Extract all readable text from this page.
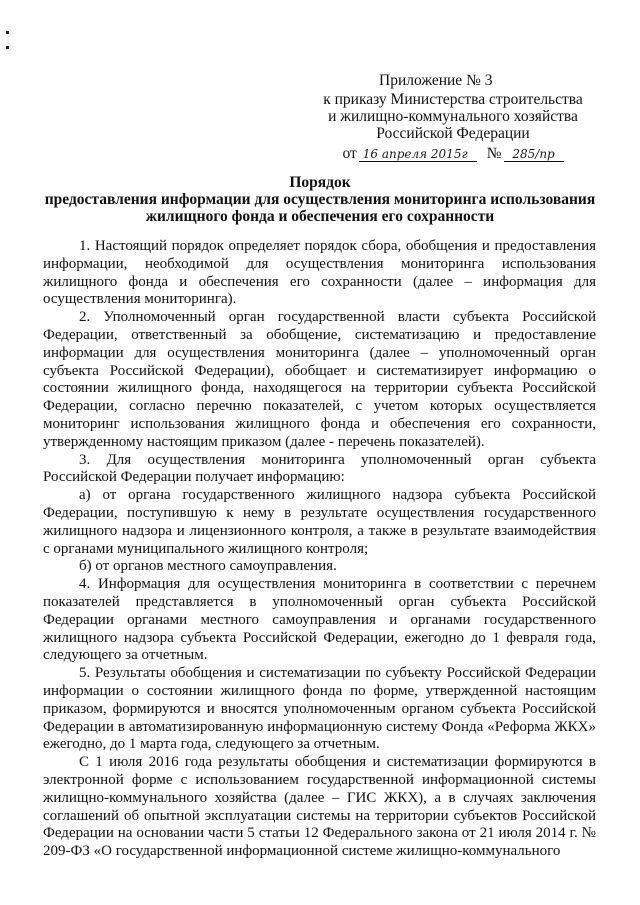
Приложение № 3
к приказу Министерства строительства
и жилищно-коммунального хозяйства
Российской Федерации
от 16 апреля 2015г	№ 285/пр
Порядок
предоставления информации для осуществления мониторинга использования
жилищного фонда и обеспечения его сохранности

1. Настоящий порядок определяет порядок сбора, обобщения и предоставления информации, необходимой для осуществления мониторинга использования жилищного фонда и обеспечения его сохранности (далее – информация для осуществления мониторинга).

2. Уполномоченный орган государственной власти субъекта Российской Федерации, ответственный за обобщение, систематизацию и предоставление информации для осуществления мониторинга (далее – уполномоченный орган субъекта Российской Федерации), обобщает и систематизирует информацию о состоянии жилищного фонда, находящегося на территории субъекта Российской Федерации, согласно перечню показателей, с учетом которых осуществляется мониторинг использования жилищного фонда и обеспечения его сохранности, утвержденному настоящим приказом (далее - перечень показателей).

3. Для осуществления мониторинга уполномоченный орган субъекта Российской Федерации получает информацию:

а) от органа государственного жилищного надзора субъекта Российской Федерации, поступившую к нему в результате осуществления государственного жилищного надзора и лицензионного контроля, а также в результате взаимодействия с органами муниципального жилищного контроля;

б) от органов местного самоуправления.

4. Информация для осуществления мониторинга в соответствии с перечнем показателей представляется в уполномоченный орган субъекта Российской Федерации органами местного самоуправления и органами государственного жилищного надзора субъекта Российской Федерации, ежегодно до 1 февраля года, следующего за отчетным.

5. Результаты обобщения и систематизации по субъекту Российской Федерации информации о состоянии жилищного фонда по форме, утвержденной настоящим приказом, формируются и вносятся уполномоченным органом субъекта Российской Федерации в автоматизированную информационную систему Фонда «Реформа ЖКХ» ежегодно, до 1 марта года, следующего за отчетным.

С 1 июля 2016 года результаты обобщения и систематизации формируются в электронной форме с использованием государственной информационной системы жилищно-коммунального хозяйства (далее – ГИС ЖКХ), а в случаях заключения соглашений об опытной эксплуатации системы на территории субъектов Российской Федерации на основании части 5 статьи 12 Федерального закона от 21 июля 2014 г. № 209-ФЗ «О государственной информационной системе жилищно-коммунального
